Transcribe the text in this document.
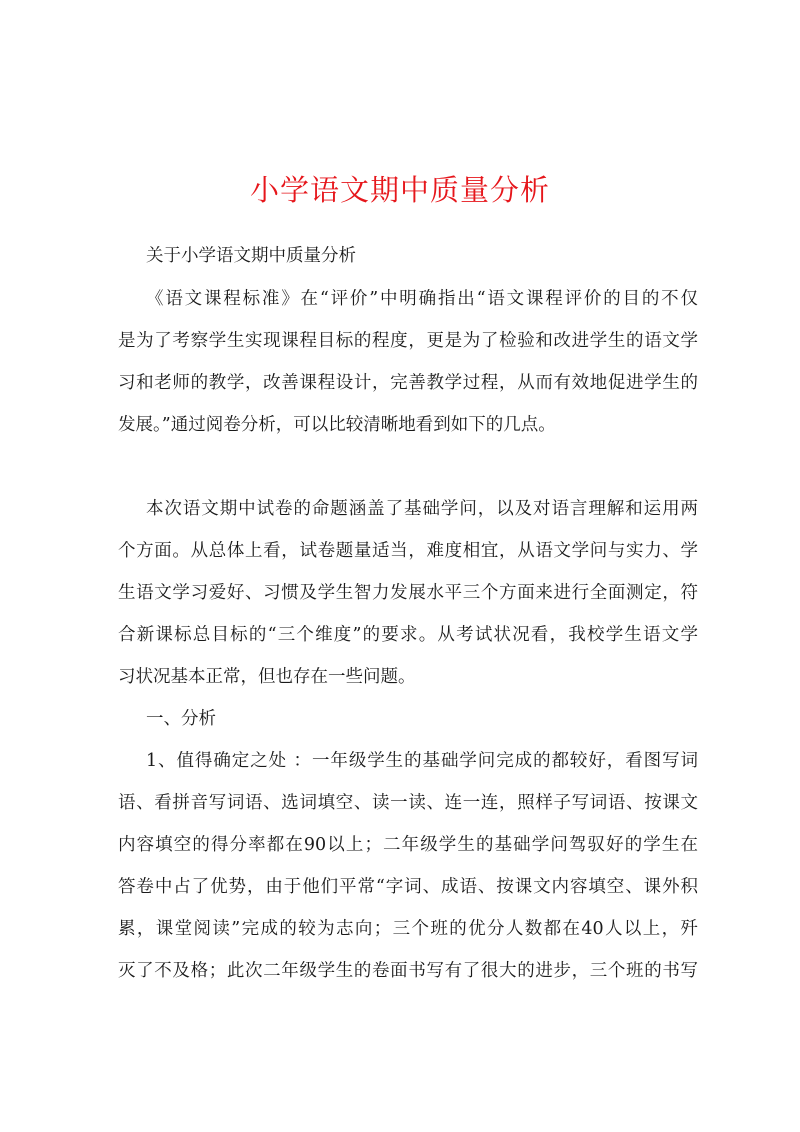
小学语文期中质量分析
关于小学语文期中质量分析
《语文课程标准》在“评价”中明确指出“语文课程评价的目的不仅
是为了考察学生实现课程目标的程度，更是为了检验和改进学生的语文学
习和老师的教学，改善课程设计，完善教学过程，从而有效地促进学生的
发展。”通过阅卷分析，可以比较清晰地看到如下的几点。
本次语文期中试卷的命题涵盖了基础学问，以及对语言理解和运用两
个方面。从总体上看，试卷题量适当，难度相宜，从语文学问与实力、学
生语文学习爱好、习惯及学生智力发展水平三个方面来进行全面测定，符
合新课标总目标的“三个维度”的要求。从考试状况看，我校学生语文学
习状况基本正常，但也存在一些问题。
一、分析
1、值得确定之处 ：一年级学生的基础学问完成的都较好，看图写词
语、看拼音写词语、选词填空、读一读、连一连，照样子写词语、按课文
内容填空的得分率都在90以上；二年级学生的基础学问驾驭好的学生在
答卷中占了优势，由于他们平常“字词、成语、按课文内容填空、课外积
累，课堂阅读”完成的较为志向；三个班的优分人数都在40人以上，歼
灭了不及格；此次二年级学生的卷面书写有了很大的进步，三个班的书写
